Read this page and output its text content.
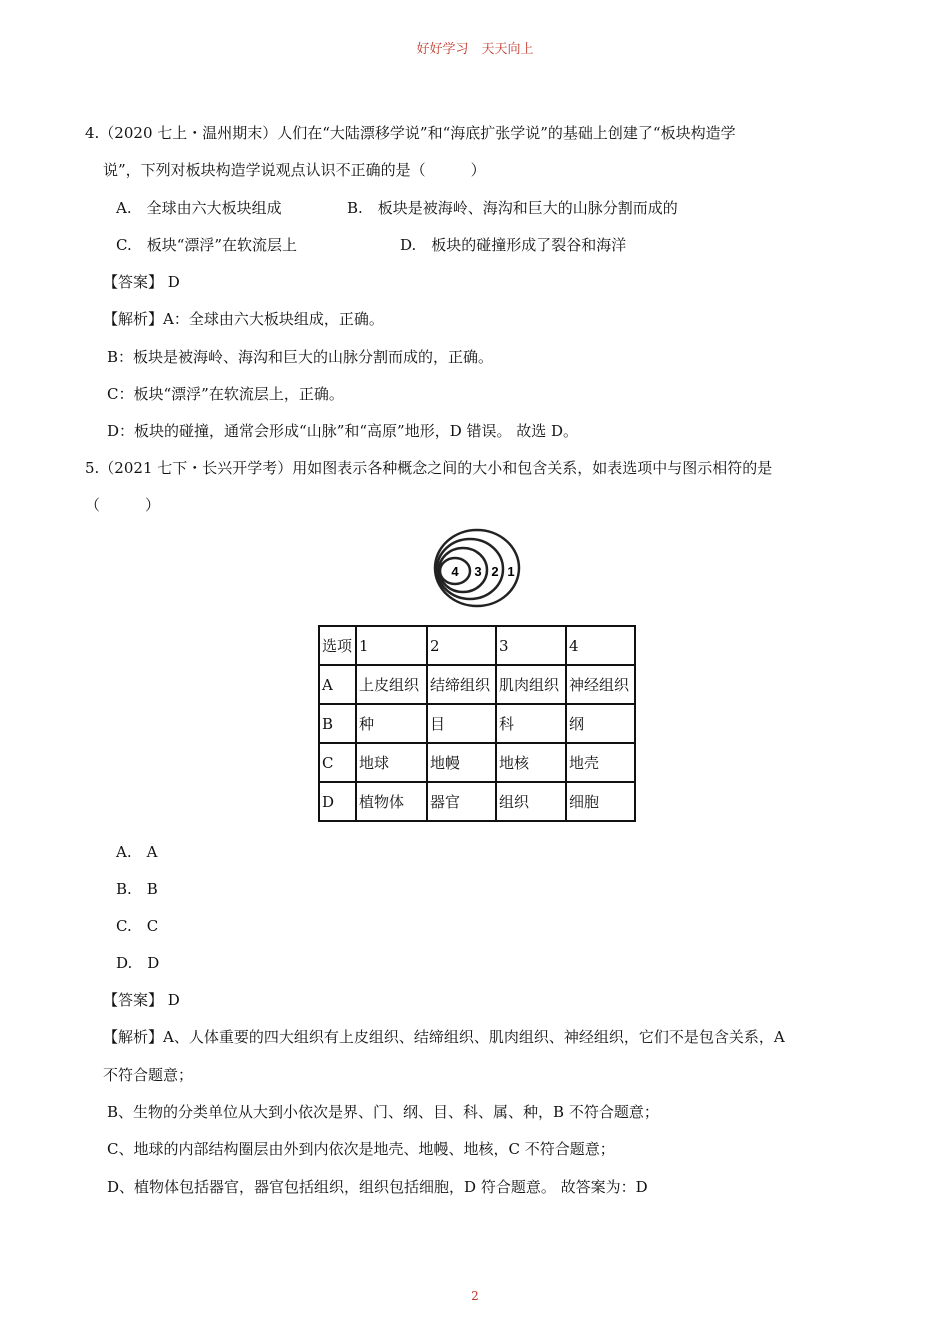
好好学习　天天向上
4.（2020 七上・温州期末）人们在“大陆漂移学说”和“海底扩张学说”的基础上创建了“板块构造学
说”，下列对板块构造学说观点认识不正确的是（　　　）
A.　全球由六大板块组成	B.　板块是被海岭、海沟和巨大的山脉分割而成的
C.　板块“漂浮”在软流层上	D.　板块的碰撞形成了裂谷和海洋
【答案】 D
【解析】A：全球由六大板块组成，正确。
B：板块是被海岭、海沟和巨大的山脉分割而成的，正确。
C：板块“漂浮”在软流层上，正确。
D：板块的碰撞，通常会形成“山脉”和“高原”地形，D 错误。 故选 D。
5.（2021 七下・长兴开学考）用如图表示各种概念之间的大小和包含关系，如表选项中与图示相符的是
（　　　）
4 3 2 1
选项	1	2	3	4
A	上皮组织	结缔组织	肌肉组织	神经组织
B	种	目	科	纲
C	地球	地幔	地核	地壳
D	植物体	器官	组织	细胞
A.　A
B.　B
C.　C
D.　D
【答案】 D
【解析】A、人体重要的四大组织有上皮组织、结缔组织、肌肉组织、神经组织，它们不是包含关系，A
不符合题意；
B、生物的分类单位从大到小依次是界、门、纲、目、科、属、种，B 不符合题意；
C、地球的内部结构圈层由外到内依次是地壳、地幔、地核，C 不符合题意；
D、植物体包括器官，器官包括组织，组织包括细胞，D 符合题意。 故答案为：D
2
